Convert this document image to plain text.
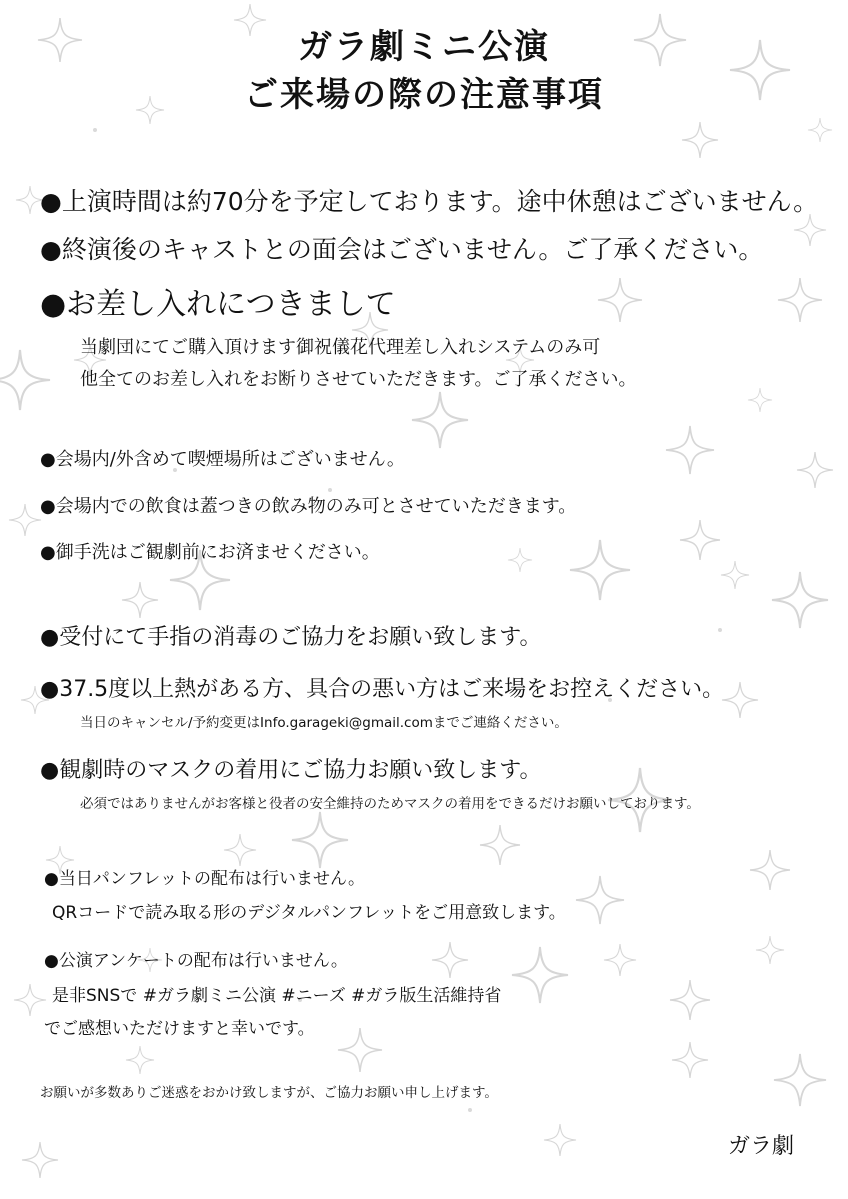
ガラ劇ミニ公演
ご来場の際の注意事項
●上演時間は約70分を予定しております。途中休憩はございません。
●終演後のキャストとの面会はございません。ご了承ください。
●お差し入れにつきまして
当劇団にてご購入頂けます御祝儀花代理差し入れシステムのみ可
他全てのお差し入れをお断りさせていただきます。ご了承ください。
●会場内/外含めて喫煙場所はございません。
●会場内での飲食は蓋つきの飲み物のみ可とさせていただきます。
●御手洗はご観劇前にお済ませください。
●受付にて手指の消毒のご協力をお願い致します。
●37.5度以上熱がある方、具合の悪い方はご来場をお控えください。
当日のキャンセル/予約変更はInfo.garageki@gmail.comまでご連絡ください。
●観劇時のマスクの着用にご協力お願い致します。
必須ではありませんがお客様と役者の安全維持のためマスクの着用をできるだけお願いしております。
●当日パンフレットの配布は行いません。
QRコードで読み取る形のデジタルパンフレットをご用意致します。
●公演アンケートの配布は行いません。
是非SNSで #ガラ劇ミニ公演 #ニーズ #ガラ版生活維持省
でご感想いただけますと幸いです。
お願いが多数ありご迷惑をおかけ致しますが、ご協力お願い申し上げます。
ガラ劇
